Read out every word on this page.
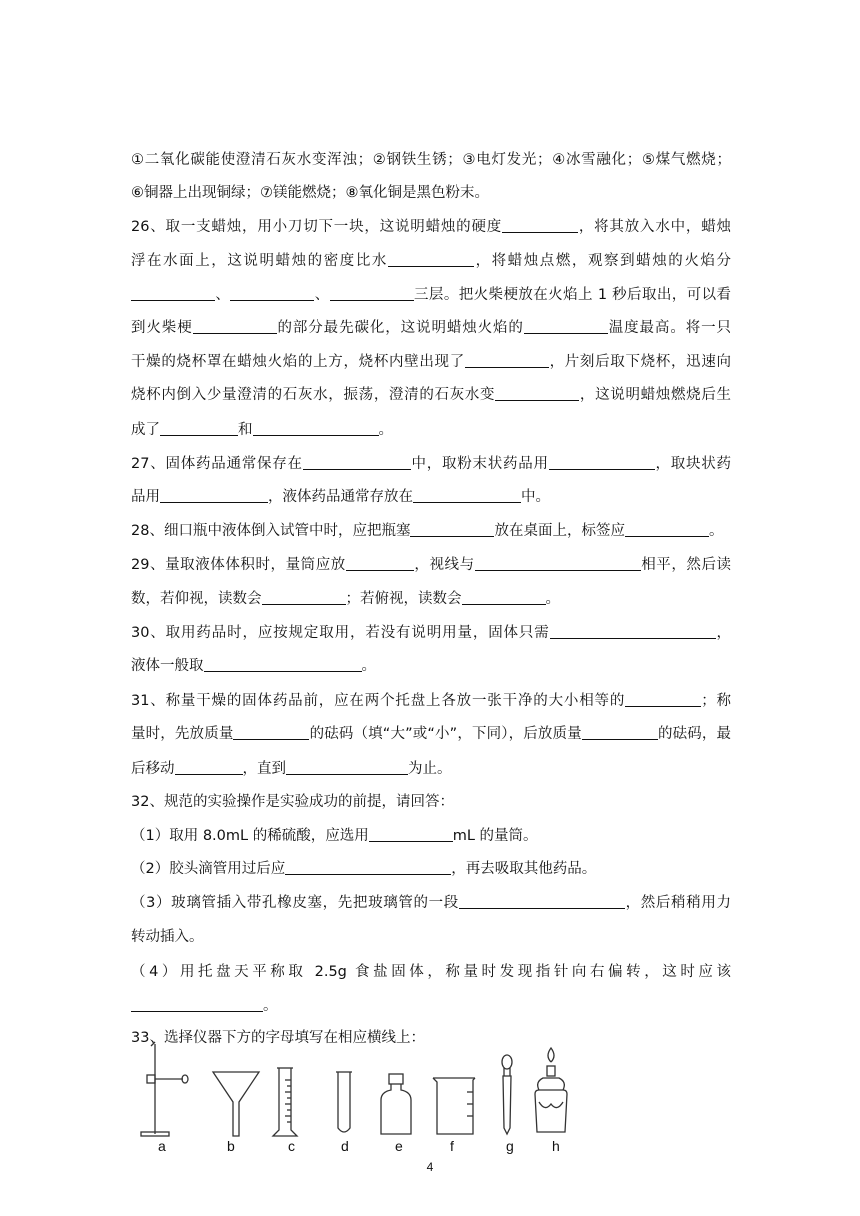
①二氧化碳能使澄清石灰水变浑浊；②钢铁生锈；③电灯发光；④冰雪融化；⑤煤气燃烧；
⑥铜器上出现铜绿；⑦镁能燃烧；⑧氧化铜是黑色粉末。
26、取一支蜡烛，用小刀切下一块，这说明蜡烛的硬度	，将其放入水中，蜡烛
浮在水面上，这说明蜡烛的密度比水	，将蜡烛点燃，观察到蜡烛的火焰分
、	、	三层。把火柴梗放在火焰上 1 秒后取出，可以看
到火柴梗	的部分最先碳化，这说明蜡烛火焰的	温度最高。将一只
干燥的烧杯罩在蜡烛火焰的上方，烧杯内壁出现了	，片刻后取下烧杯，迅速向
烧杯内倒入少量澄清的石灰水，振荡，澄清的石灰水变	，这说明蜡烛燃烧后生
成了	和	。
27、固体药品通常保存在	中，取粉末状药品用	，取块状药
品用	，液体药品通常存放在	中。
28、细口瓶中液体倒入试管中时，应把瓶塞	放在桌面上，标签应	。
29、量取液体体积时，量筒应放	，视线与	相平，然后读
数，若仰视，读数会	；若俯视，读数会	。
30、取用药品时，应按规定取用，若没有说明用量，固体只需	，
液体一般取	。
31、称量干燥的固体药品前，应在两个托盘上各放一张干净的大小相等的	；称
量时，先放质量	的砝码（填“大”或“小”，下同），后放质量	的砝码，最
后移动	，直到	为止。
32、规范的实验操作是实验成功的前提，请回答：
（1）取用 8.0mL 的稀硫酸，应选用	mL 的量筒。
（2）胶头滴管用过后应	，再去吸取其他药品。
（3）玻璃管插入带孔橡皮塞，先把玻璃管的一段	，然后稍稍用力
转动插入。
（4）用托盘天平称取 2.5g 食盐固体，称量时发现指针向右偏转，这时应该
。
33、选择仪器下方的字母填写在相应横线上：
a	b	c	d	e	f	g	h
4
